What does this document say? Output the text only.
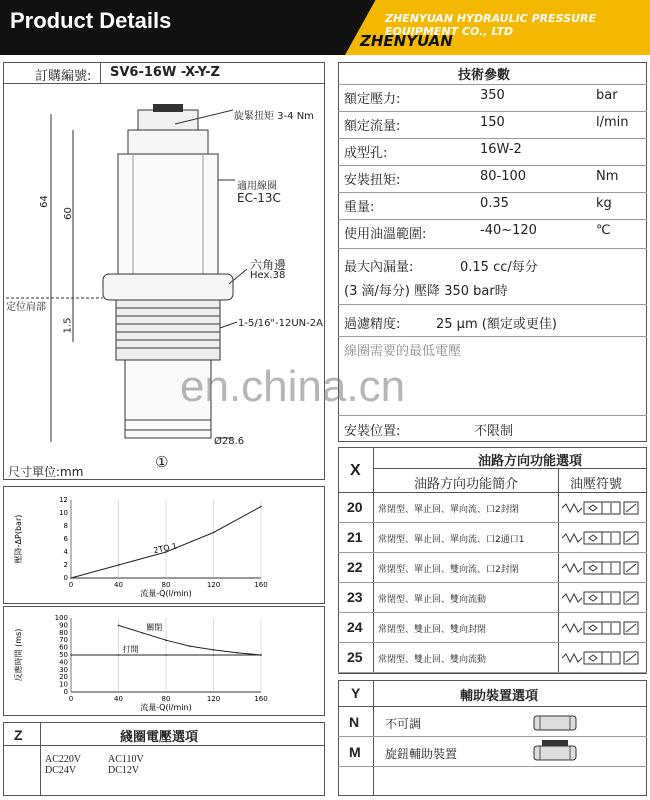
Product Details	ZHENYUAN HYDRAULIC PRESSURE EQUIPMENT CO., LTD
ZHENYUAN
訂購編號: SV6-16W -X-Y-Z
旋緊扭矩 3-4 Nm
適用線圈
EC-13C
六角邊
Hex.38
1-5/16"-12UN-2A
64
60
1.5
定位肩部
Ø28.6
①
尺寸單位:mm
0	40	80	120	160
0
2
4
6
8
10
12
流量-Q(l/min)
壓降-ΔP(bar)	2TO 1
0	40	80	120	160
0
10
20
30
40
50
60
70
80
90
100
關閉
打開
流量-Q(l/min)
反應時間 (ms)
Z	綫圈電壓選項
AC220V	AC110V
DC24V	DC12V
技術參數
額定壓力:	350	bar
額定流量:	150	l/min
成型孔:	16W-2
安裝扭矩:	80-100	Nm
重量:	0.35	kg
使用油溫範圍:	-40~120	℃
最大內漏量:	0.15 cc/每分
(3 滴/每分) 壓降 350 bar時
過濾精度:	25 μm (額定或更佳)
線圈需要的最低電壓
安裝位置:	不限制
en.china.cn
X
油路方向功能選項
油路方向功能簡介	油壓符號
20 常閉型、單止回、單向流、口2封閉
21 常閉型、單止回、單向流、口2通口1
22 常閉型、單止回、雙向流、口2封閉
23 常閉型、單止回、雙向流動
24 常閉型、雙止回、雙向封閉
25 常閉型、雙止回、雙向流動
Y	輔助裝置選項
N 不可調
M 旋鈕輔助裝置
